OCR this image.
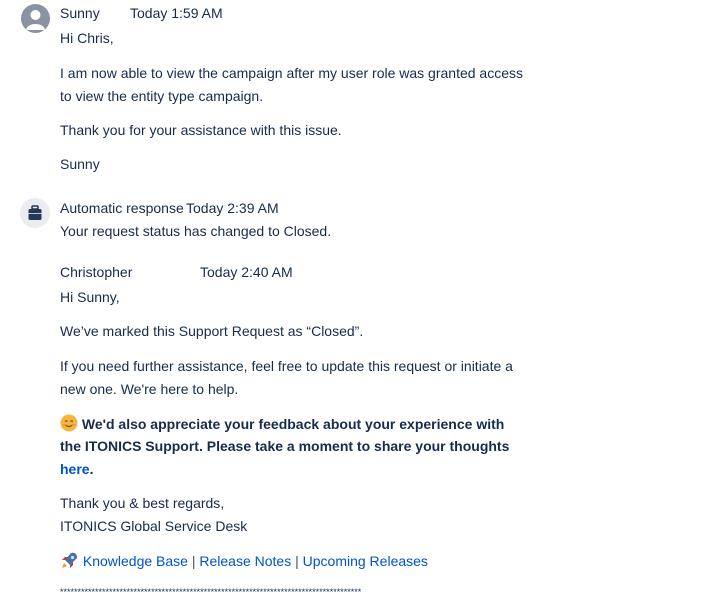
Sunny Today 1:59 AM
Hi Chris,
I am now able to view the campaign after my user role was granted access
to view the entity type campaign.
Thank you for your assistance with this issue.
Sunny
Automatic response Today 2:39 AM
Your request status has changed to Closed.
Christopher	Today 2:40 AM
Hi Sunny,
We’ve marked this Support Request as “Closed”.
If you need further assistance, feel free to update this request or initiate a
new one. We're here to help.
We'd also appreciate your feedback about your experience with
the ITONICS Support. Please take a moment to share your thoughts
here.
Thank you & best regards,
ITONICS Global Service Desk
Knowledge Base | Release Notes | Upcoming Releases
**************************************************************************************
